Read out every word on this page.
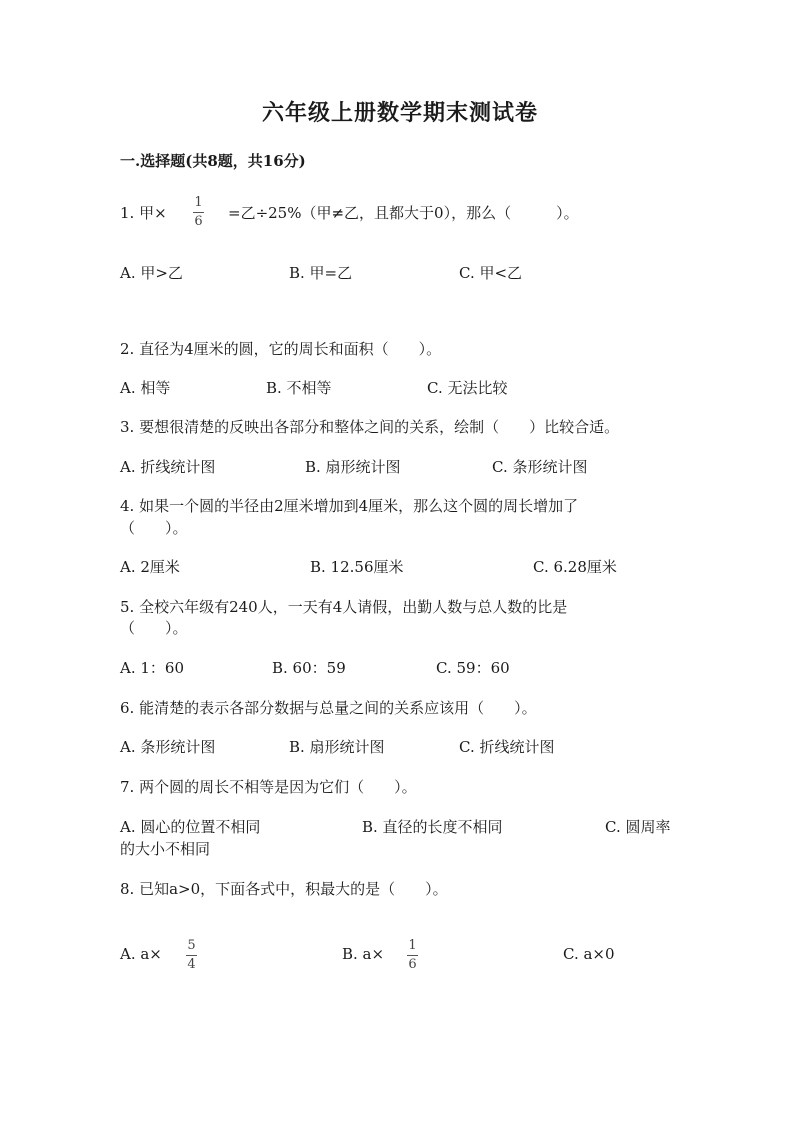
六年级上册数学期末测试卷
一.选择题(共8题，共16分)
1. 甲×
1
6 =乙÷25%（甲≠乙，且都大于0），那么（　　　）。
A. 甲>乙	B. 甲=乙	C. 甲<乙
2. 直径为4厘米的圆，它的周长和面积（　　）。
A. 相等	B. 不相等	C. 无法比较
3. 要想很清楚的反映出各部分和整体之间的关系，绘制（　　）比较合适。
A. 折线统计图	B. 扇形统计图	C. 条形统计图
4. 如果一个圆的半径由2厘米增加到4厘米，那么这个圆的周长增加了
（　　）。
A. 2厘米	B. 12.56厘米	C. 6.28厘米
5. 全校六年级有240人，一天有4人请假，出勤人数与总人数的比是
（　　）。
A. 1：60	B. 60：59	C. 59：60
6. 能清楚的表示各部分数据与总量之间的关系应该用（　　）。
A. 条形统计图	B. 扇形统计图	C. 折线统计图
7. 两个圆的周长不相等是因为它们（　　）。
A. 圆心的位置不相同	B. 直径的长度不相同	C. 圆周率
的大小不相同
8. 已知a>0，下面各式中，积最大的是（　　）。
A. a× 5
4
B. a× 1
6
C. a×0
